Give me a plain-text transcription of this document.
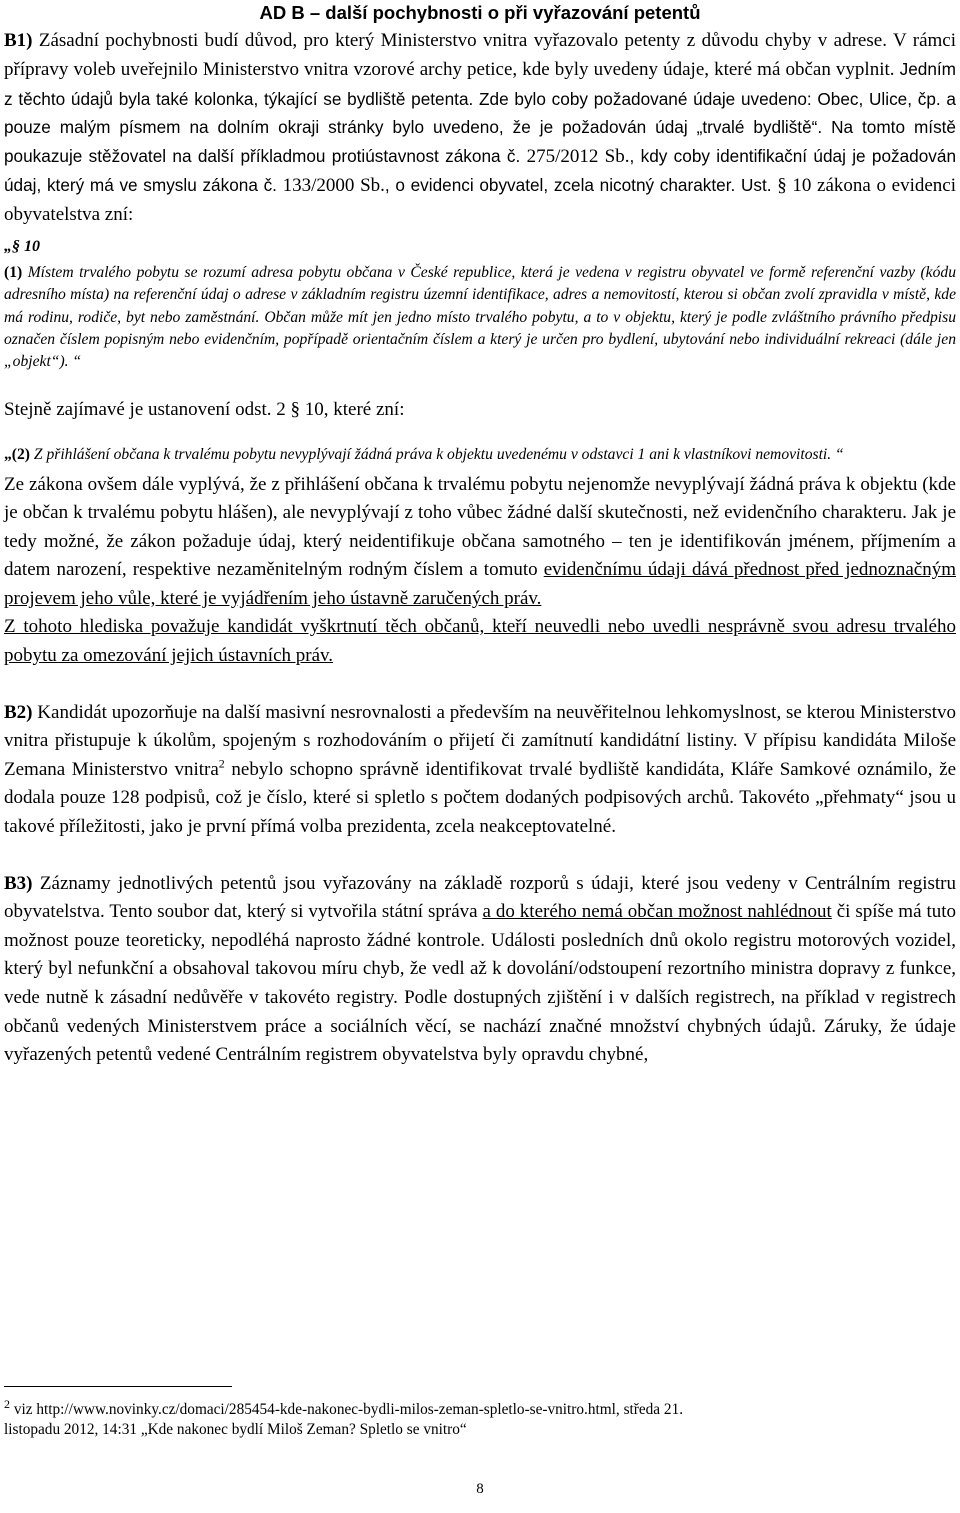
AD B – další pochybnosti o při vyřazování petentů

B1) Zásadní pochybnosti budí důvod, pro který Ministerstvo vnitra vyřazovalo petenty z důvodu chyby v adrese. V rámci přípravy voleb uveřejnilo Ministerstvo vnitra vzorové archy petice, kde byly uvedeny údaje, které má občan vyplnit. Jedním z těchto údajů byla také kolonka, týkající se bydliště petenta. Zde bylo coby požadované údaje uvedeno: Obec, Ulice, čp. a pouze malým písmem na dolním okraji stránky bylo uvedeno, že je požadován údaj „trvalé bydliště“. Na tomto místě poukazuje stěžovatel na další příkladmou protiústavnost zákona č. 275/2012 Sb., kdy coby identifikační údaj je požadován údaj, který má ve smyslu zákona č. 133/2000 Sb., o evidenci obyvatel, zcela nicotný charakter. Ust. § 10 zákona o evidenci obyvatelstva zní:

„§ 10

(1) Místem trvalého pobytu se rozumí adresa pobytu občana v České republice, která je vedena v registru obyvatel ve formě referenční vazby (kódu adresního místa) na referenční údaj o adrese v základním registru územní identifikace, adres a nemovitostí, kterou si občan zvolí zpravidla v místě, kde má rodinu, rodiče, byt nebo zaměstnání. Občan může mít jen jedno místo trvalého pobytu, a to v objektu, který je podle zvláštního právního předpisu označen číslem popisným nebo evidenčním, popřípadě orientačním číslem a který je určen pro bydlení, ubytování nebo individuální rekreaci (dále jen „objekt“). “

Stejně zajímavé je ustanovení odst. 2 § 10, které zní:

„(2) Z přihlášení občana k trvalému pobytu nevyplývají žádná práva k objektu uvedenému v odstavci 1 ani k vlastníkovi nemovitosti. “

Ze zákona ovšem dále vyplývá, že z přihlášení občana k trvalému pobytu nejenomže nevyplývají žádná práva k objektu (kde je občan k trvalému pobytu hlášen), ale nevyplývají z toho vůbec žádné další skutečnosti, než evidenčního charakteru. Jak je tedy možné, že zákon požaduje údaj, který neidentifikuje občana samotného – ten je identifikován jménem, příjmením a datem narození, respektive nezaměnitelným rodným číslem a tomuto evidenčnímu údaji dává přednost před jednoznačným projevem jeho vůle, které je vyjádřením jeho ústavně zaručených práv.

Z tohoto hlediska považuje kandidát vyškrtnutí těch občanů, kteří neuvedli nebo uvedli nesprávně svou adresu trvalého pobytu za omezování jejich ústavních práv.

B2) Kandidát upozorňuje na další masivní nesrovnalosti a především na neuvěřitelnou lehkomyslnost, se kterou Ministerstvo vnitra přistupuje k úkolům, spojeným s rozhodováním o přijetí či zamítnutí kandidátní listiny. V přípisu kandidáta Miloše Zemana Ministerstvo vnitra$^2$ nebylo schopno správně identifikovat trvalé bydliště kandidáta, Kláře Samkové oznámilo, že dodala pouze 128 podpisů, což je číslo, které si spletlo s počtem dodaných podpisových archů. Takovéto „přehmaty“ jsou u takové příležitosti, jako je první přímá volba prezidenta, zcela neakceptovatelné.

B3) Záznamy jednotlivých petentů jsou vyřazovány na základě rozporů s údaji, které jsou vedeny v Centrálním registru obyvatelstva. Tento soubor dat, který si vytvořila státní správa a do kterého nemá občan možnost nahlédnout či spíše má tuto možnost pouze teoreticky, nepodléhá naprosto žádné kontrole. Události posledních dnů okolo registru motorových vozidel, který byl nefunkční a obsahoval takovou míru chyb, že vedl až k dovolání/odstoupení rezortního ministra dopravy z funkce, vede nutně k zásadní nedůvěře v takovéto registry. Podle dostupných zjištění i v dalších registrech, na příklad v registrech občanů vedených Ministerstvem práce a sociálních věcí, se nachází značné množství chybných údajů. Záruky, že údaje vyřazených petentů vedené Centrálním registrem obyvatelstva byly opravdu chybné,

$^2$ viz http://www.novinky.cz/domaci/285454-kde-nakonec-bydli-milos-zeman-spletlo-se-vnitro.html, středa 21.
listopadu 2012, 14:31 „Kde nakonec bydlí Miloš Zeman? Spletlo se vnitro“
8
